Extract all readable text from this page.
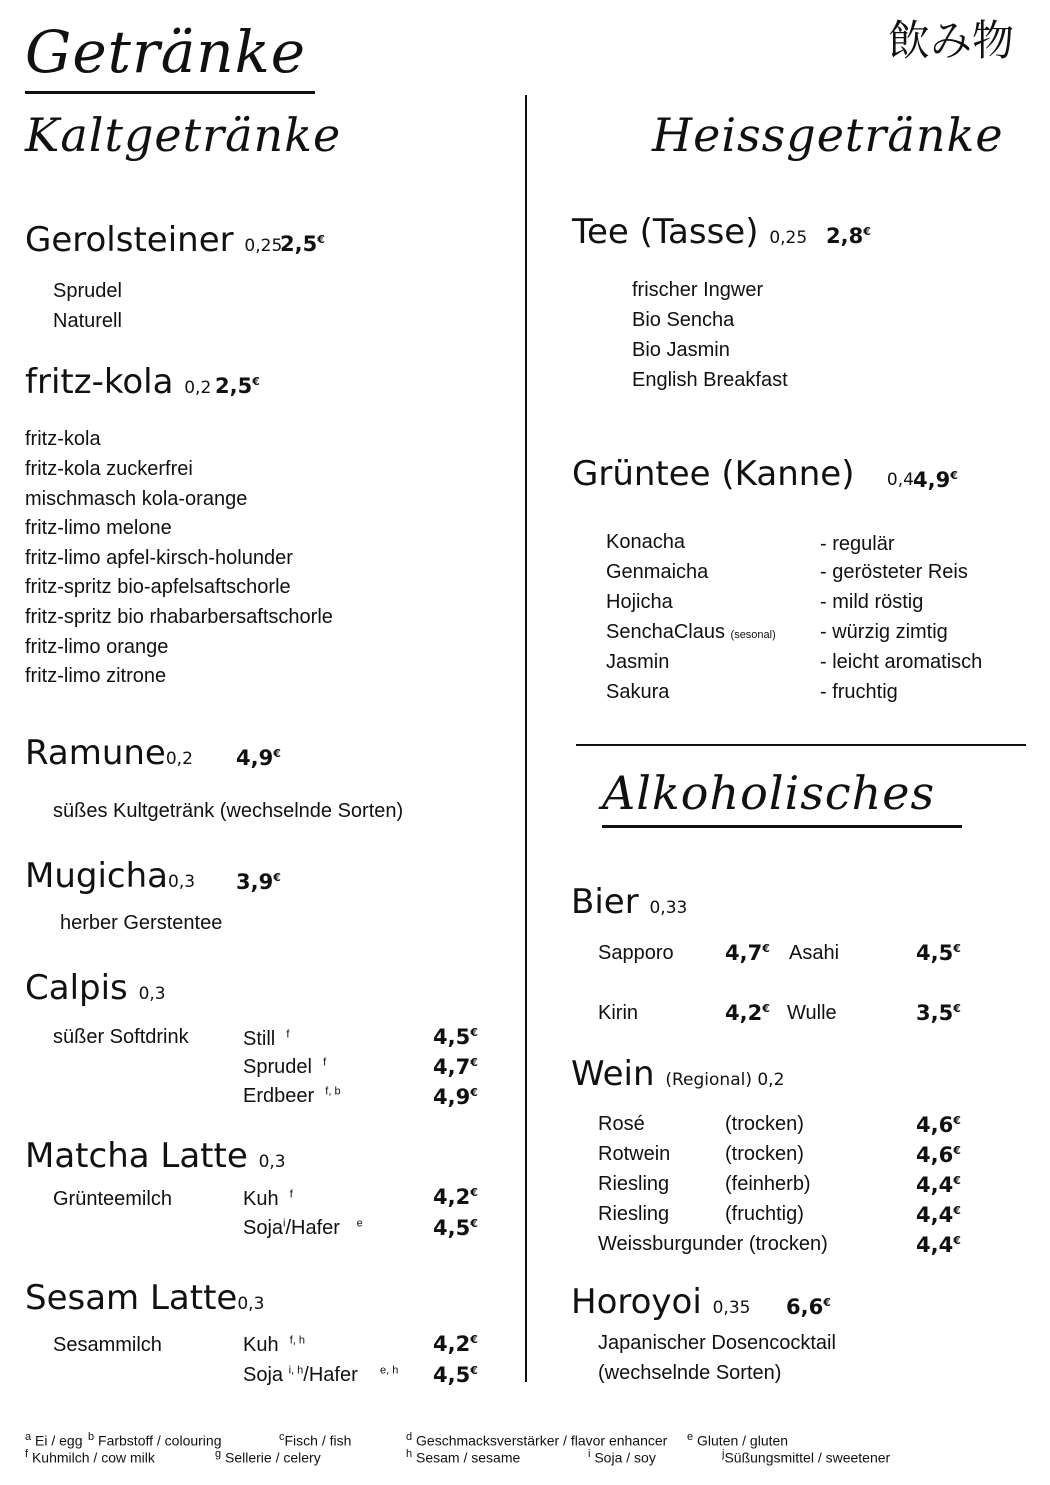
Getränke	飲み物
Kaltgetränke	Heissgetränke
Gerolsteiner 0,25
2,5€
Sprudel
Naturell
fritz-kola 0,2 2,5€
fritz-kola
fritz-kola zuckerfrei
mischmasch kola-orange
fritz-limo melone
fritz-limo apfel-kirsch-holunder
fritz-spritz bio-apfelsaftschorle
fritz-spritz bio rhabarbersaftschorle
fritz-limo orange
fritz-limo zitrone
Ramune0,2 4,9€
süßes Kultgetränk (wechselnde Sorten)
Mugicha0,3 3,9€
herber Gerstentee
Calpis 0,3
süßer Softdrink	Still $^f$	4,5€
Sprudel $^f$	4,7€
Erdbeer $^{f, b}$	4,9€
Matcha Latte 0,3
Grünteemilch	Kuh $^f$	4,2€
Soja$^i$/Hafer $^e$	4,5€
Sesam Latte0,3
Sesammilch	Kuh $^{f, h}$	4,2€
Soja $^{i, h}$/Hafer $^{e, h}$ 4,5€
Tee (Tasse) 0,25 2,8€
frischer Ingwer
Bio Sencha
Bio Jasmin
English Breakfast
Grüntee (Kanne) 0,4 4,9€
Konacha	- regulär
Genmaicha	- gerösteter Reis
Hojicha	- mild röstig
SenchaClaus (sesonal) - würzig zimtig
Jasmin	- leicht aromatisch
Sakura	- fruchtig
Alkoholisches
Bier 0,33
Sapporo 4,7€ Asahi	4,5€
Kirin	4,2€ Wulle	3,5€
Wein (Regional) 0,2
Rosé	(trocken)	4,6€
Rotwein	(trocken)	4,6€
Riesling	(feinherb)	4,4€
Riesling	(fruchtig)	4,4€
Weissburgunder (trocken)	4,4€
Horoyoi 0,35 6,6€
Japanischer Dosencocktail
(wechselnde Sorten)
$^a$ Ei / egg $^b$ Farbstoff / colouring	$^c$Fisch / fish	$^d$ Geschmacksverstärker / flavor enhancer $^e$ Gluten / gluten
$^f$ Kuhmilch / cow milk	$^g$ Sellerie / celery	$^h$ Sesam / sesame	$^i$ Soja / soy	$^j$Süßungsmittel / sweetener
